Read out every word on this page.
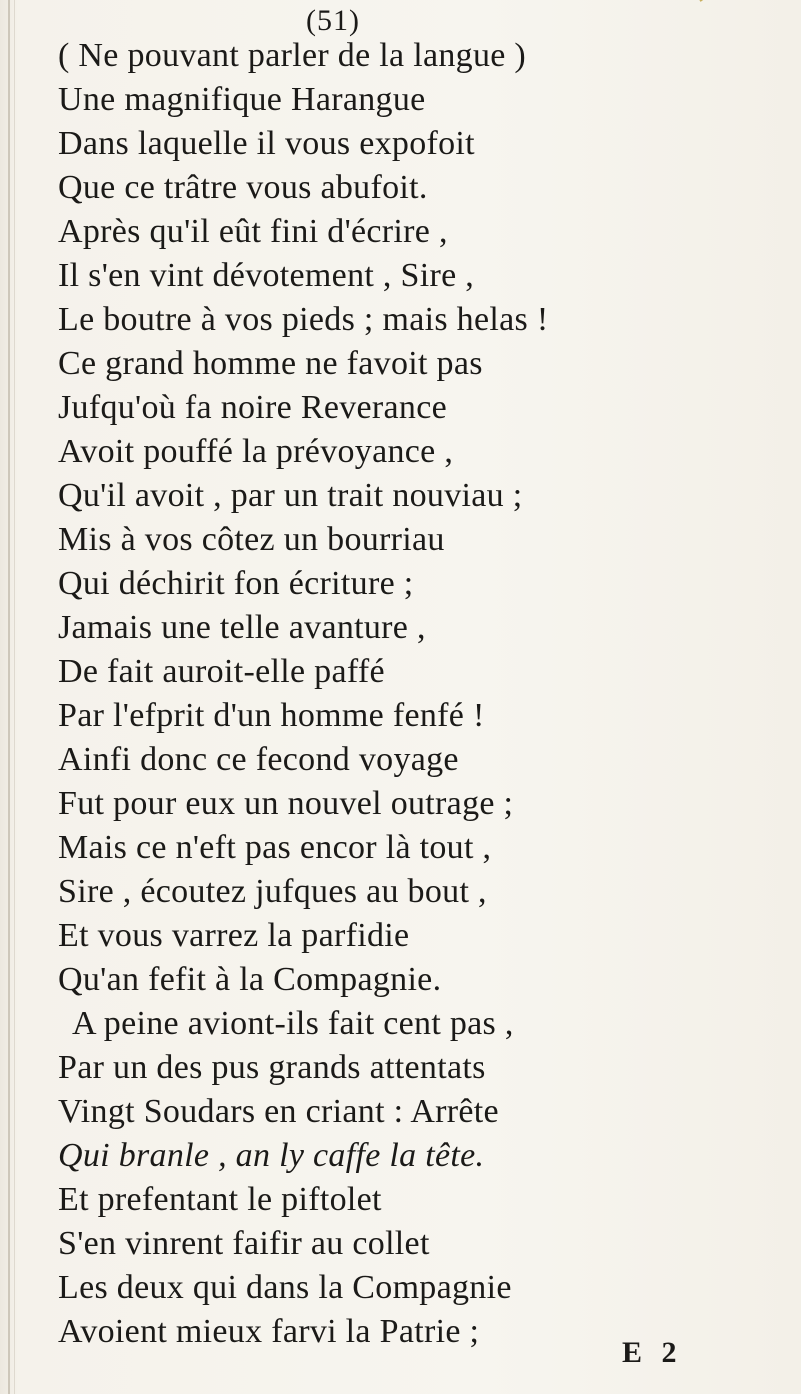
(51)

( Ne pouvant parler de la langue )

Une magnifique Harangue

Dans laquelle il vous expofoit

Que ce trâtre vous abufoit.

Après qu'il eût fini d'écrire ,

Il s'en vint dévotement , Sire ,

Le boutre à vos pieds ; mais helas !

Ce grand homme ne favoit pas

Jufqu'où fa noire Reverance

Avoit pouffé la prévoyance ,

Qu'il avoit , par un trait nouviau ;

Mis à vos côtez un bourriau

Qui déchirit fon écriture ;

Jamais une telle avanture ,

De fait auroit-elle paffé

Par l'efprit d'un homme fenfé !

Ainfi donc ce fecond voyage

Fut pour eux un nouvel outrage ;

Mais ce n'eft pas encor là tout ,

Sire , écoutez jufques au bout ,

Et vous varrez la parfidie

Qu'an fefit à la Compagnie.

A peine aviont-ils fait cent pas ,

Par un des pus grands attentats

Vingt Soudars en criant : Arrête

Qui branle , an ly caffe la tête.

Et prefentant le piftolet

S'en vinrent faifir au collet

Les deux qui dans la Compagnie

Avoient mieux farvi la Patrie ;

E 2
